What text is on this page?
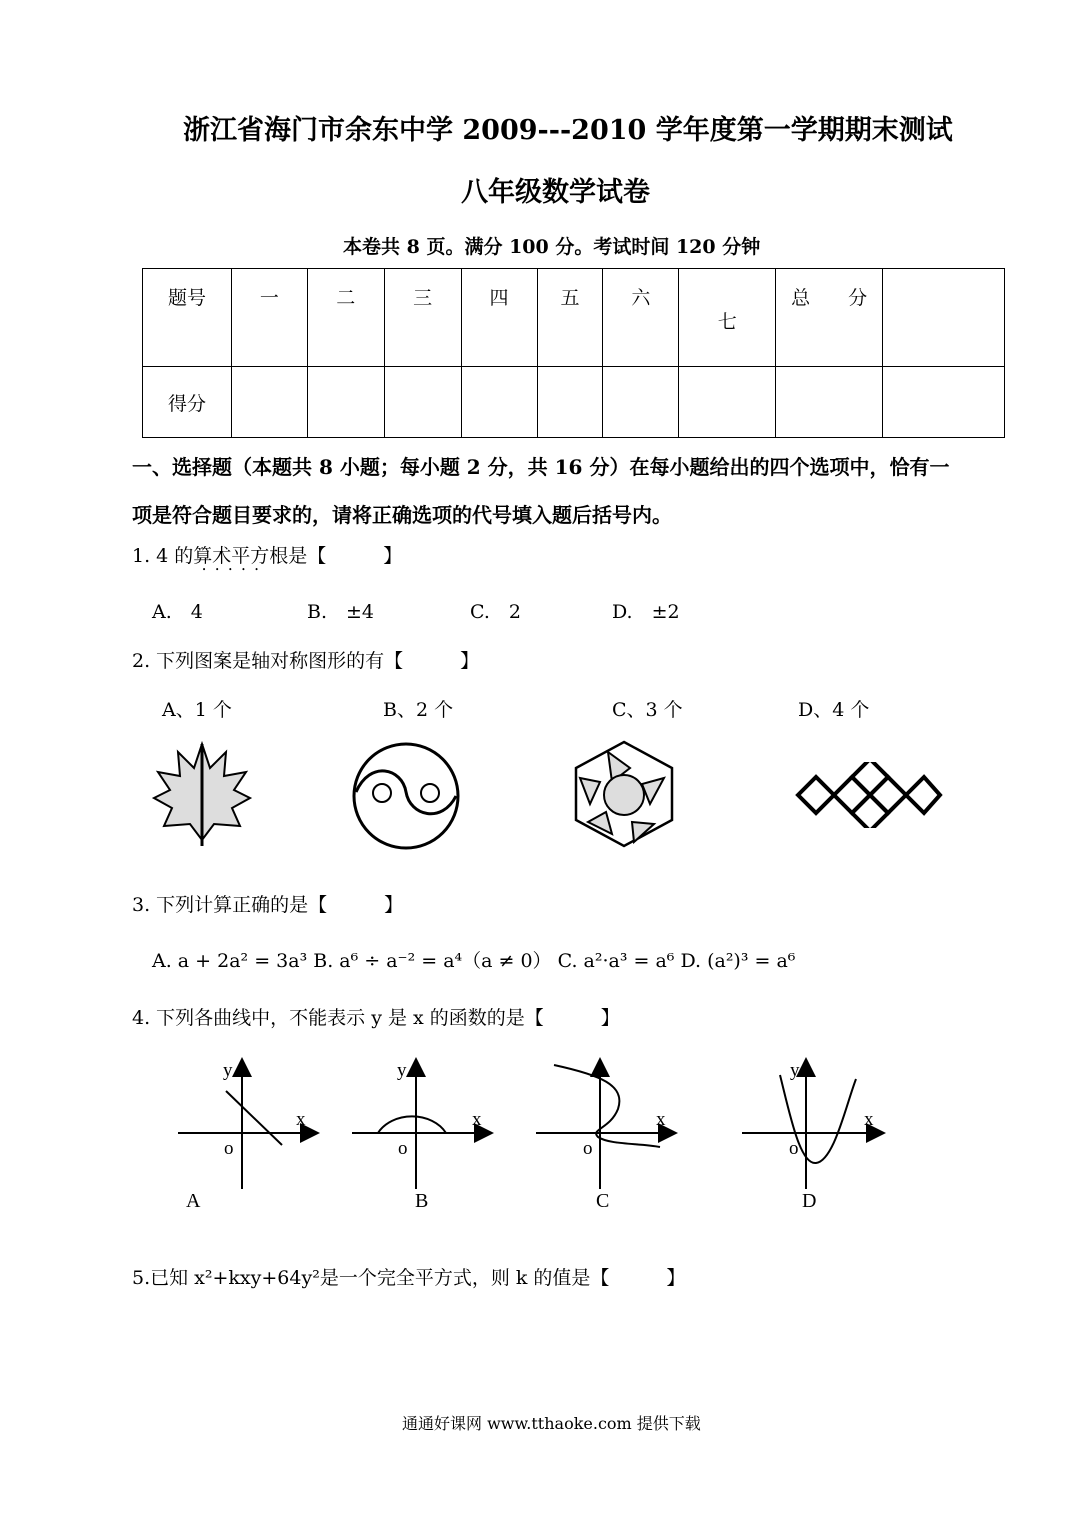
浙江省海门市余东中学 2009---2010 学年度第一学期期末测试
八年级数学试卷
本卷共 8 页。满分 100 分。考试时间 120 分钟
题号	一	二	三	四	五	六	七	总　　分	
得分									
一、选择题（本题共 8 小题；每小题 2 分，共 16 分）在每小题给出的四个选项中，恰有一
项是符合题目要求的，请将正确选项的代号填入题后括号内。
1. 4 的算术平方根是【　　　】
•••••
A.　4	B.　±4	C.　2	D.　±2
2. 下列图案是轴对称图形的有【　　　】
A、1 个	B、2 个	C、3 个	D、4 个
3. 下列计算正确的是【　　　】
A. a + 2a² = 3a³ B. a⁶ ÷ a⁻² = a⁴（a ≠ 0） C. a²·a³ = a⁶ D. (a²)³ = a⁶
4. 下列各曲线中，不能表示 y 是 x 的函数的是【　　　】
y
x
o
A
y
x
o
B
x
o
C
y
x
o
D
5.已知 x²+kxy+64y²是一个完全平方式，则 k 的值是【　　　】
通通好课网 www.tthaoke.com 提供下载
